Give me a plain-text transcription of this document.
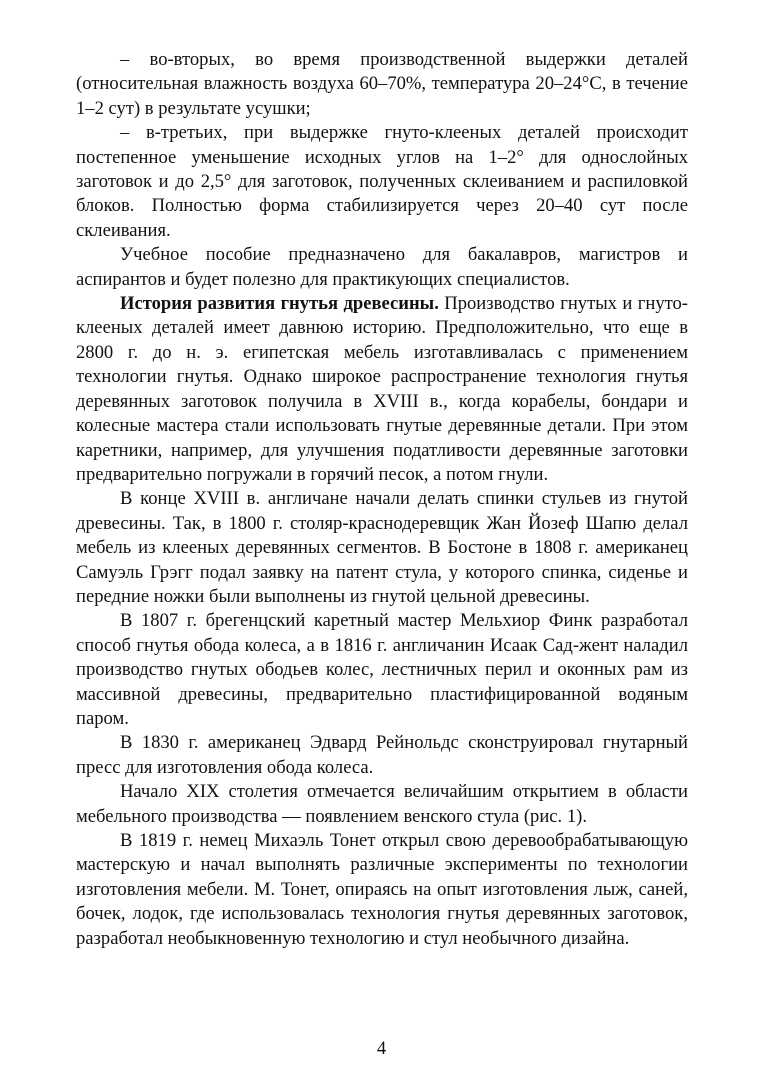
– во-вторых, во время производственной выдержки деталей (относительная влажность воздуха 60–70%, температура 20–24°С, в течение 1–2 сут) в результате усушки;

– в-третьих, при выдержке гнуто-клееных деталей происходит постепенное уменьшение исходных углов на 1–2° для однослойных заготовок и до 2,5° для заготовок, полученных склеиванием и распиловкой блоков. Полностью форма стабилизируется через 20–40 сут после склеивания.

Учебное пособие предназначено для бакалавров, магистров и аспирантов и будет полезно для практикующих специалистов.

История развития гнутья древесины. Производство гнутых и гнуто-клееных деталей имеет давнюю историю. Предположительно, что еще в 2800 г. до н. э. египетская мебель изготавливалась с применением технологии гнутья. Однако широкое распространение технология гнутья деревянных заготовок получила в XVIII в., когда корабелы, бондари и колесные мастера стали использовать гнутые деревянные детали. При этом каретники, например, для улучшения податливости деревянные заготовки предварительно погружали в горячий песок, а потом гнули.

В конце XVIII в. англичане начали делать спинки стульев из гнутой древесины. Так, в 1800 г. столяр-краснодеревщик Жан Йозеф Шапю делал мебель из клееных деревянных сегментов. В Бостоне в 1808 г. американец Самуэль Грэгг подал заявку на патент стула, у которого спинка, сиденье и передние ножки были выполнены из гнутой цельной древесины.

В 1807 г. брегенцский каретный мастер Мельхиор Финк разработал способ гнутья обода колеса, а в 1816 г. англичанин Исаак Сад-жент наладил производство гнутых ободьев колес, лестничных перил и оконных рам из массивной древесины, предварительно пластифицированной водяным паром.

В 1830 г. американец Эдвард Рейнольдс сконструировал гнутарный пресс для изготовления обода колеса.

Начало XIX столетия отмечается величайшим открытием в области мебельного производства — появлением венского стула (рис. 1).

В 1819 г. немец Михаэль Тонет открыл свою деревообрабатывающую мастерскую и начал выполнять различные эксперименты по технологии изготовления мебели. М. Тонет, опираясь на опыт изготовления лыж, саней, бочек, лодок, где использовалась технология гнутья деревянных заготовок, разработал необыкновенную технологию и стул необычного дизайна.

4
